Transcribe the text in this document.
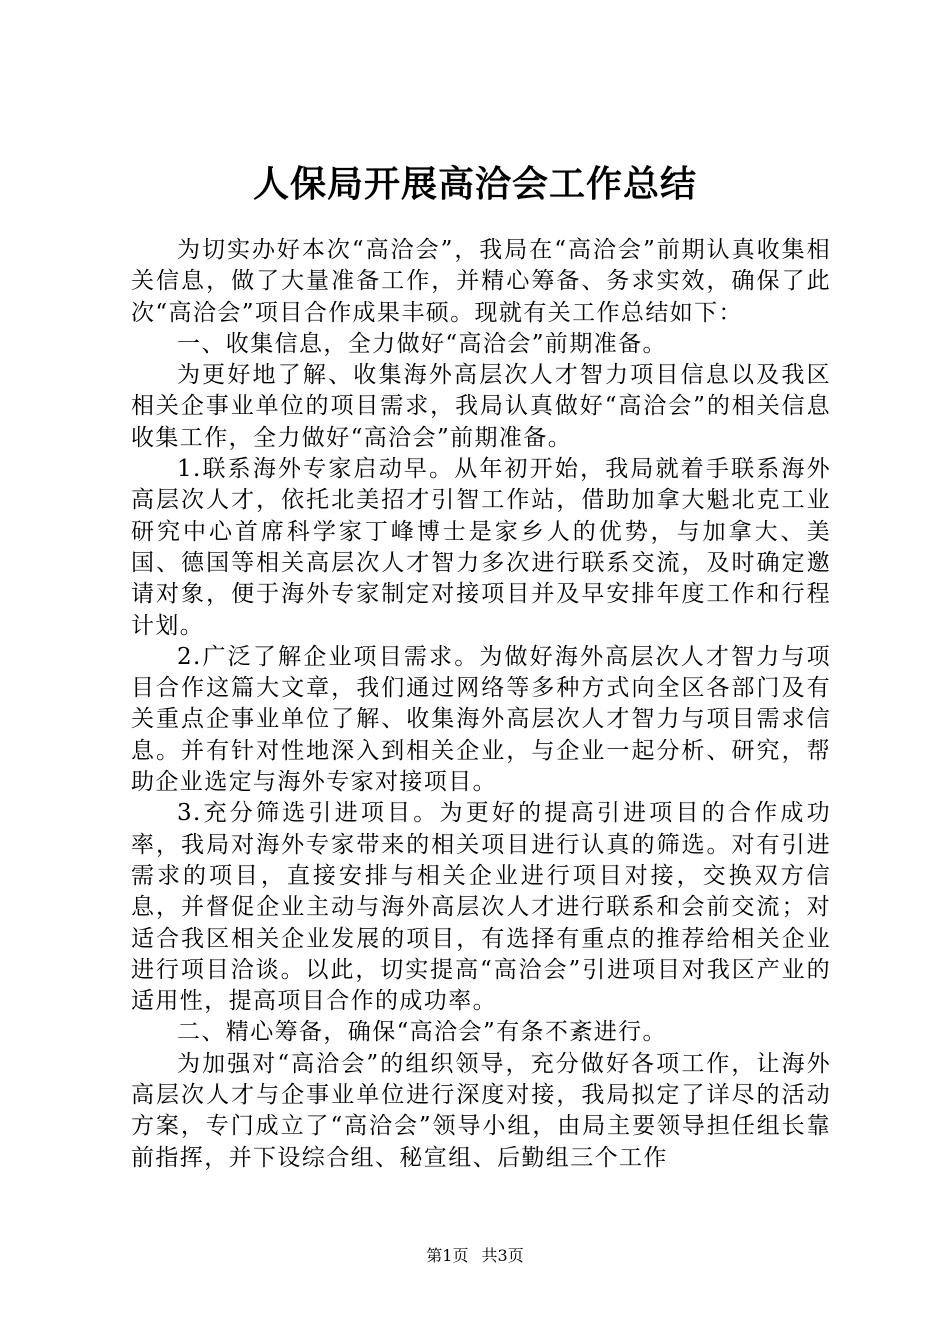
人保局开展高洽会工作总结

为切实办好本次“高洽会”，我局在“高洽会”前期认真收集相关信息，做了大量准备工作，并精心筹备、务求实效，确保了此次“高洽会”项目合作成果丰硕。现就有关工作总结如下：

一、收集信息，全力做好“高洽会”前期准备。

为更好地了解、收集海外高层次人才智力项目信息以及我区相关企事业单位的项目需求，我局认真做好“高洽会”的相关信息收集工作，全力做好“高洽会”前期准备。

1.联系海外专家启动早。从年初开始，我局就着手联系海外高层次人才，依托北美招才引智工作站，借助加拿大魁北克工业研究中心首席科学家丁峰博士是家乡人的优势，与加拿大、美国、德国等相关高层次人才智力多次进行联系交流，及时确定邀请对象，便于海外专家制定对接项目并及早安排年度工作和行程计划。

2.广泛了解企业项目需求。为做好海外高层次人才智力与项目合作这篇大文章，我们通过网络等多种方式向全区各部门及有关重点企事业单位了解、收集海外高层次人才智力与项目需求信息。并有针对性地深入到相关企业，与企业一起分析、研究，帮助企业选定与海外专家对接项目。

3.充分筛选引进项目。为更好的提高引进项目的合作成功率，我局对海外专家带来的相关项目进行认真的筛选。对有引进需求的项目，直接安排与相关企业进行项目对接，交换双方信息，并督促企业主动与海外高层次人才进行联系和会前交流；对适合我区相关企业发展的项目，有选择有重点的推荐给相关企业进行项目洽谈。以此，切实提高“高洽会”引进项目对我区产业的适用性，提高项目合作的成功率。

二、精心筹备，确保“高洽会”有条不紊进行。

为加强对“高洽会”的组织领导，充分做好各项工作，让海外高层次人才与企事业单位进行深度对接，我局拟定了详尽的活动方案，专门成立了“高洽会”领导小组，由局主要领导担任组长靠前指挥，并下设综合组、秘宣组、后勤组三个工作

第1页 共3页
